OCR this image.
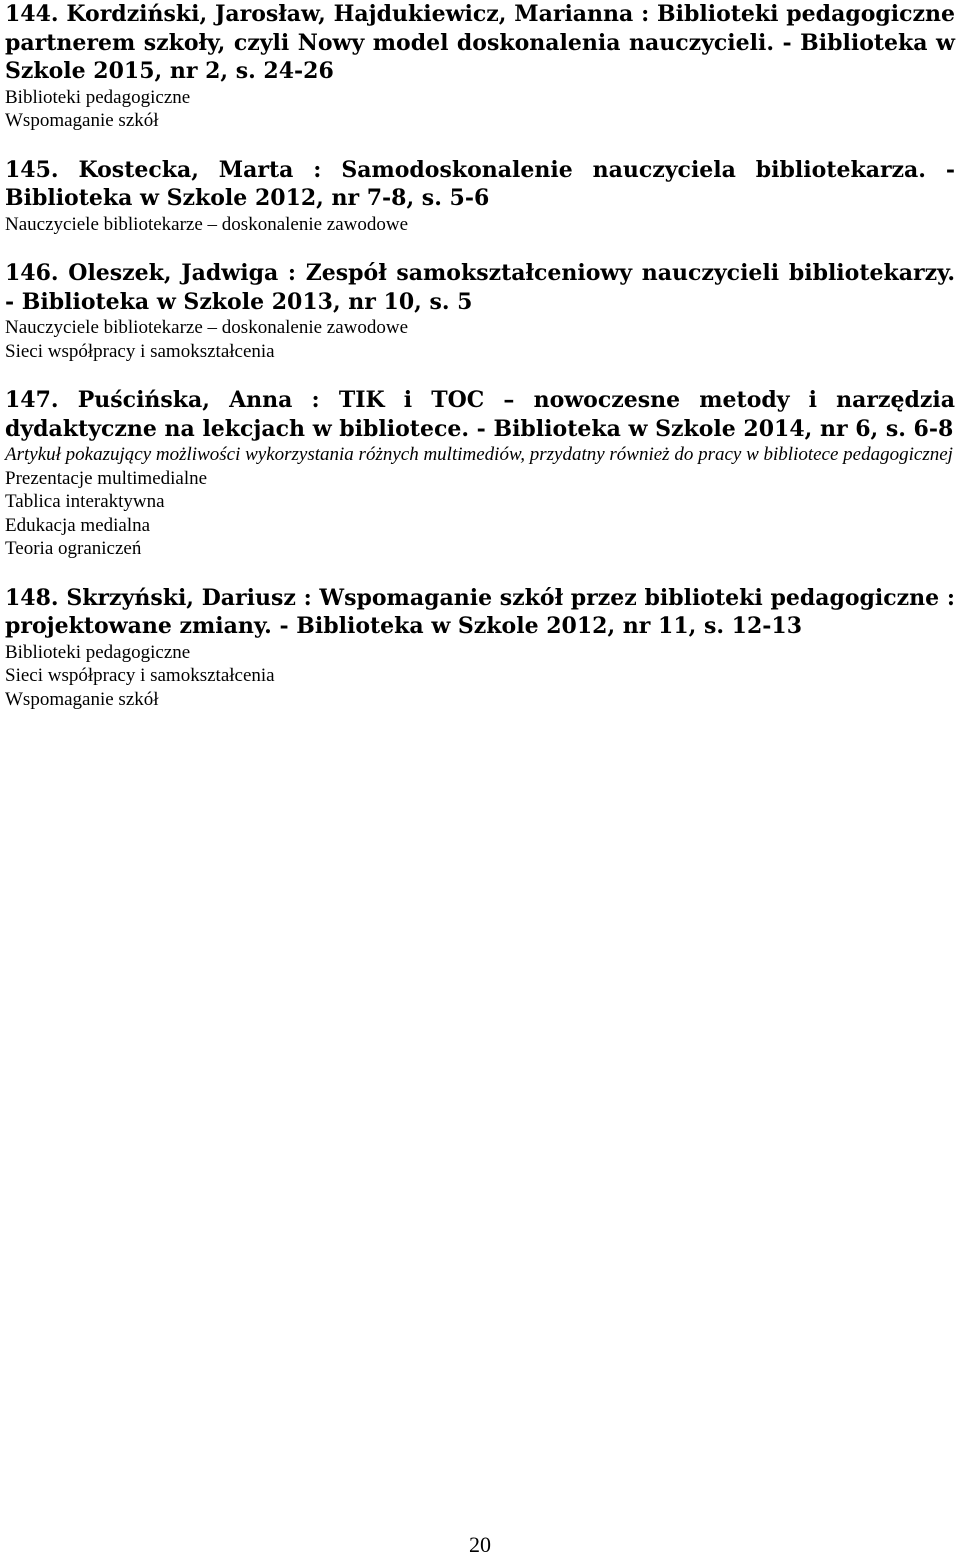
144. Kordziński, Jarosław, Hajdukiewicz, Marianna : Biblioteki pedagogiczne partnerem szkoły, czyli Nowy model doskonalenia nauczycieli. - Biblioteka w Szkole 2015, nr 2, s. 24-26

Biblioteki pedagogiczne
Wspomaganie szkół

145. Kostecka, Marta : Samodoskonalenie nauczyciela bibliotekarza. - Biblioteka w Szkole 2012, nr 7-8, s. 5-6

Nauczyciele bibliotekarze – doskonalenie zawodowe

146. Oleszek, Jadwiga : Zespół samokształceniowy nauczycieli bibliotekarzy. - Biblioteka w Szkole 2013, nr 10, s. 5

Nauczyciele bibliotekarze – doskonalenie zawodowe
Sieci współpracy i samokształcenia

147. Puścińska, Anna : TIK i TOC – nowoczesne metody i narzędzia dydaktyczne na lekcjach w bibliotece. - Biblioteka w Szkole 2014, nr 6, s. 6-8

Artykuł pokazujący możliwości wykorzystania różnych multimediów, przydatny również do pracy w bibliotece pedagogicznej

Prezentacje multimedialne
Tablica interaktywna
Edukacja medialna
Teoria ograniczeń

148. Skrzyński, Dariusz : Wspomaganie szkół przez biblioteki pedagogiczne : projektowane zmiany. - Biblioteka w Szkole 2012, nr 11, s. 12-13

Biblioteki pedagogiczne
Sieci współpracy i samokształcenia
Wspomaganie szkół
20
